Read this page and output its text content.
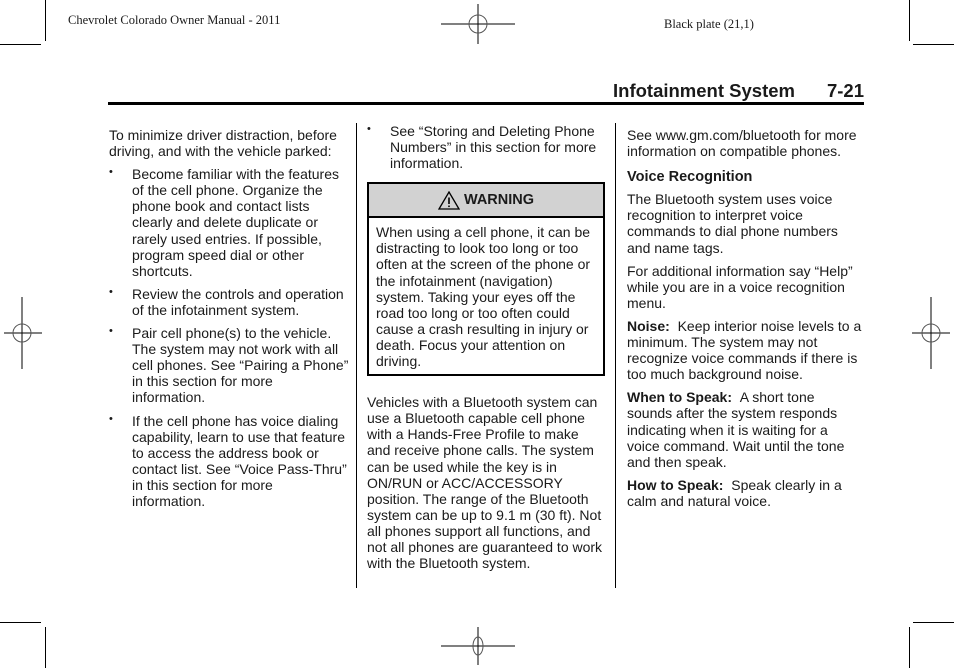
Chevrolet Colorado Owner Manual - 2011	Black plate (21,1)
Infotainment System 7-21

To minimize driver distraction, before driving, and with the vehicle parked:

• Become familiar with the features of the cell phone. Organize the phone book and contact lists clearly and delete duplicate or rarely used entries. If possible, program speed dial or other shortcuts.
• Review the controls and operation of the infotainment system.
• Pair cell phone(s) to the vehicle. The system may not work with all cell phones. See “Pairing a Phone” in this section for more information.
• If the cell phone has voice dialing capability, learn to use that feature to access the address book or contact list. See “Voice Pass-Thru” in this section for more information.
• See “Storing and Deleting Phone Numbers” in this section for more information.
WARNING
When using a cell phone, it can be distracting to look too long or too often at the screen of the phone or the infotainment (navigation) system. Taking your eyes off the road too long or too often could cause a crash resulting in injury or death. Focus your attention on driving.

Vehicles with a Bluetooth system can use a Bluetooth capable cell phone with a Hands-Free Profile to make and receive phone calls. The system can be used while the key is in ON/RUN or ACC/ACCESSORY position. The range of the Bluetooth system can be up to 9.1 m (30 ft). Not all phones support all functions, and not all phones are guaranteed to work with the Bluetooth system.

See www.gm.com/bluetooth for more information on compatible phones.

Voice Recognition

The Bluetooth system uses voice recognition to interpret voice commands to dial phone numbers and name tags.

For additional information say “Help” while you are in a voice recognition menu.

Noise: Keep interior noise levels to a minimum. The system may not recognize voice commands if there is too much background noise.

When to Speak: A short tone sounds after the system responds indicating when it is waiting for a voice command. Wait until the tone and then speak.

How to Speak: Speak clearly in a calm and natural voice.
